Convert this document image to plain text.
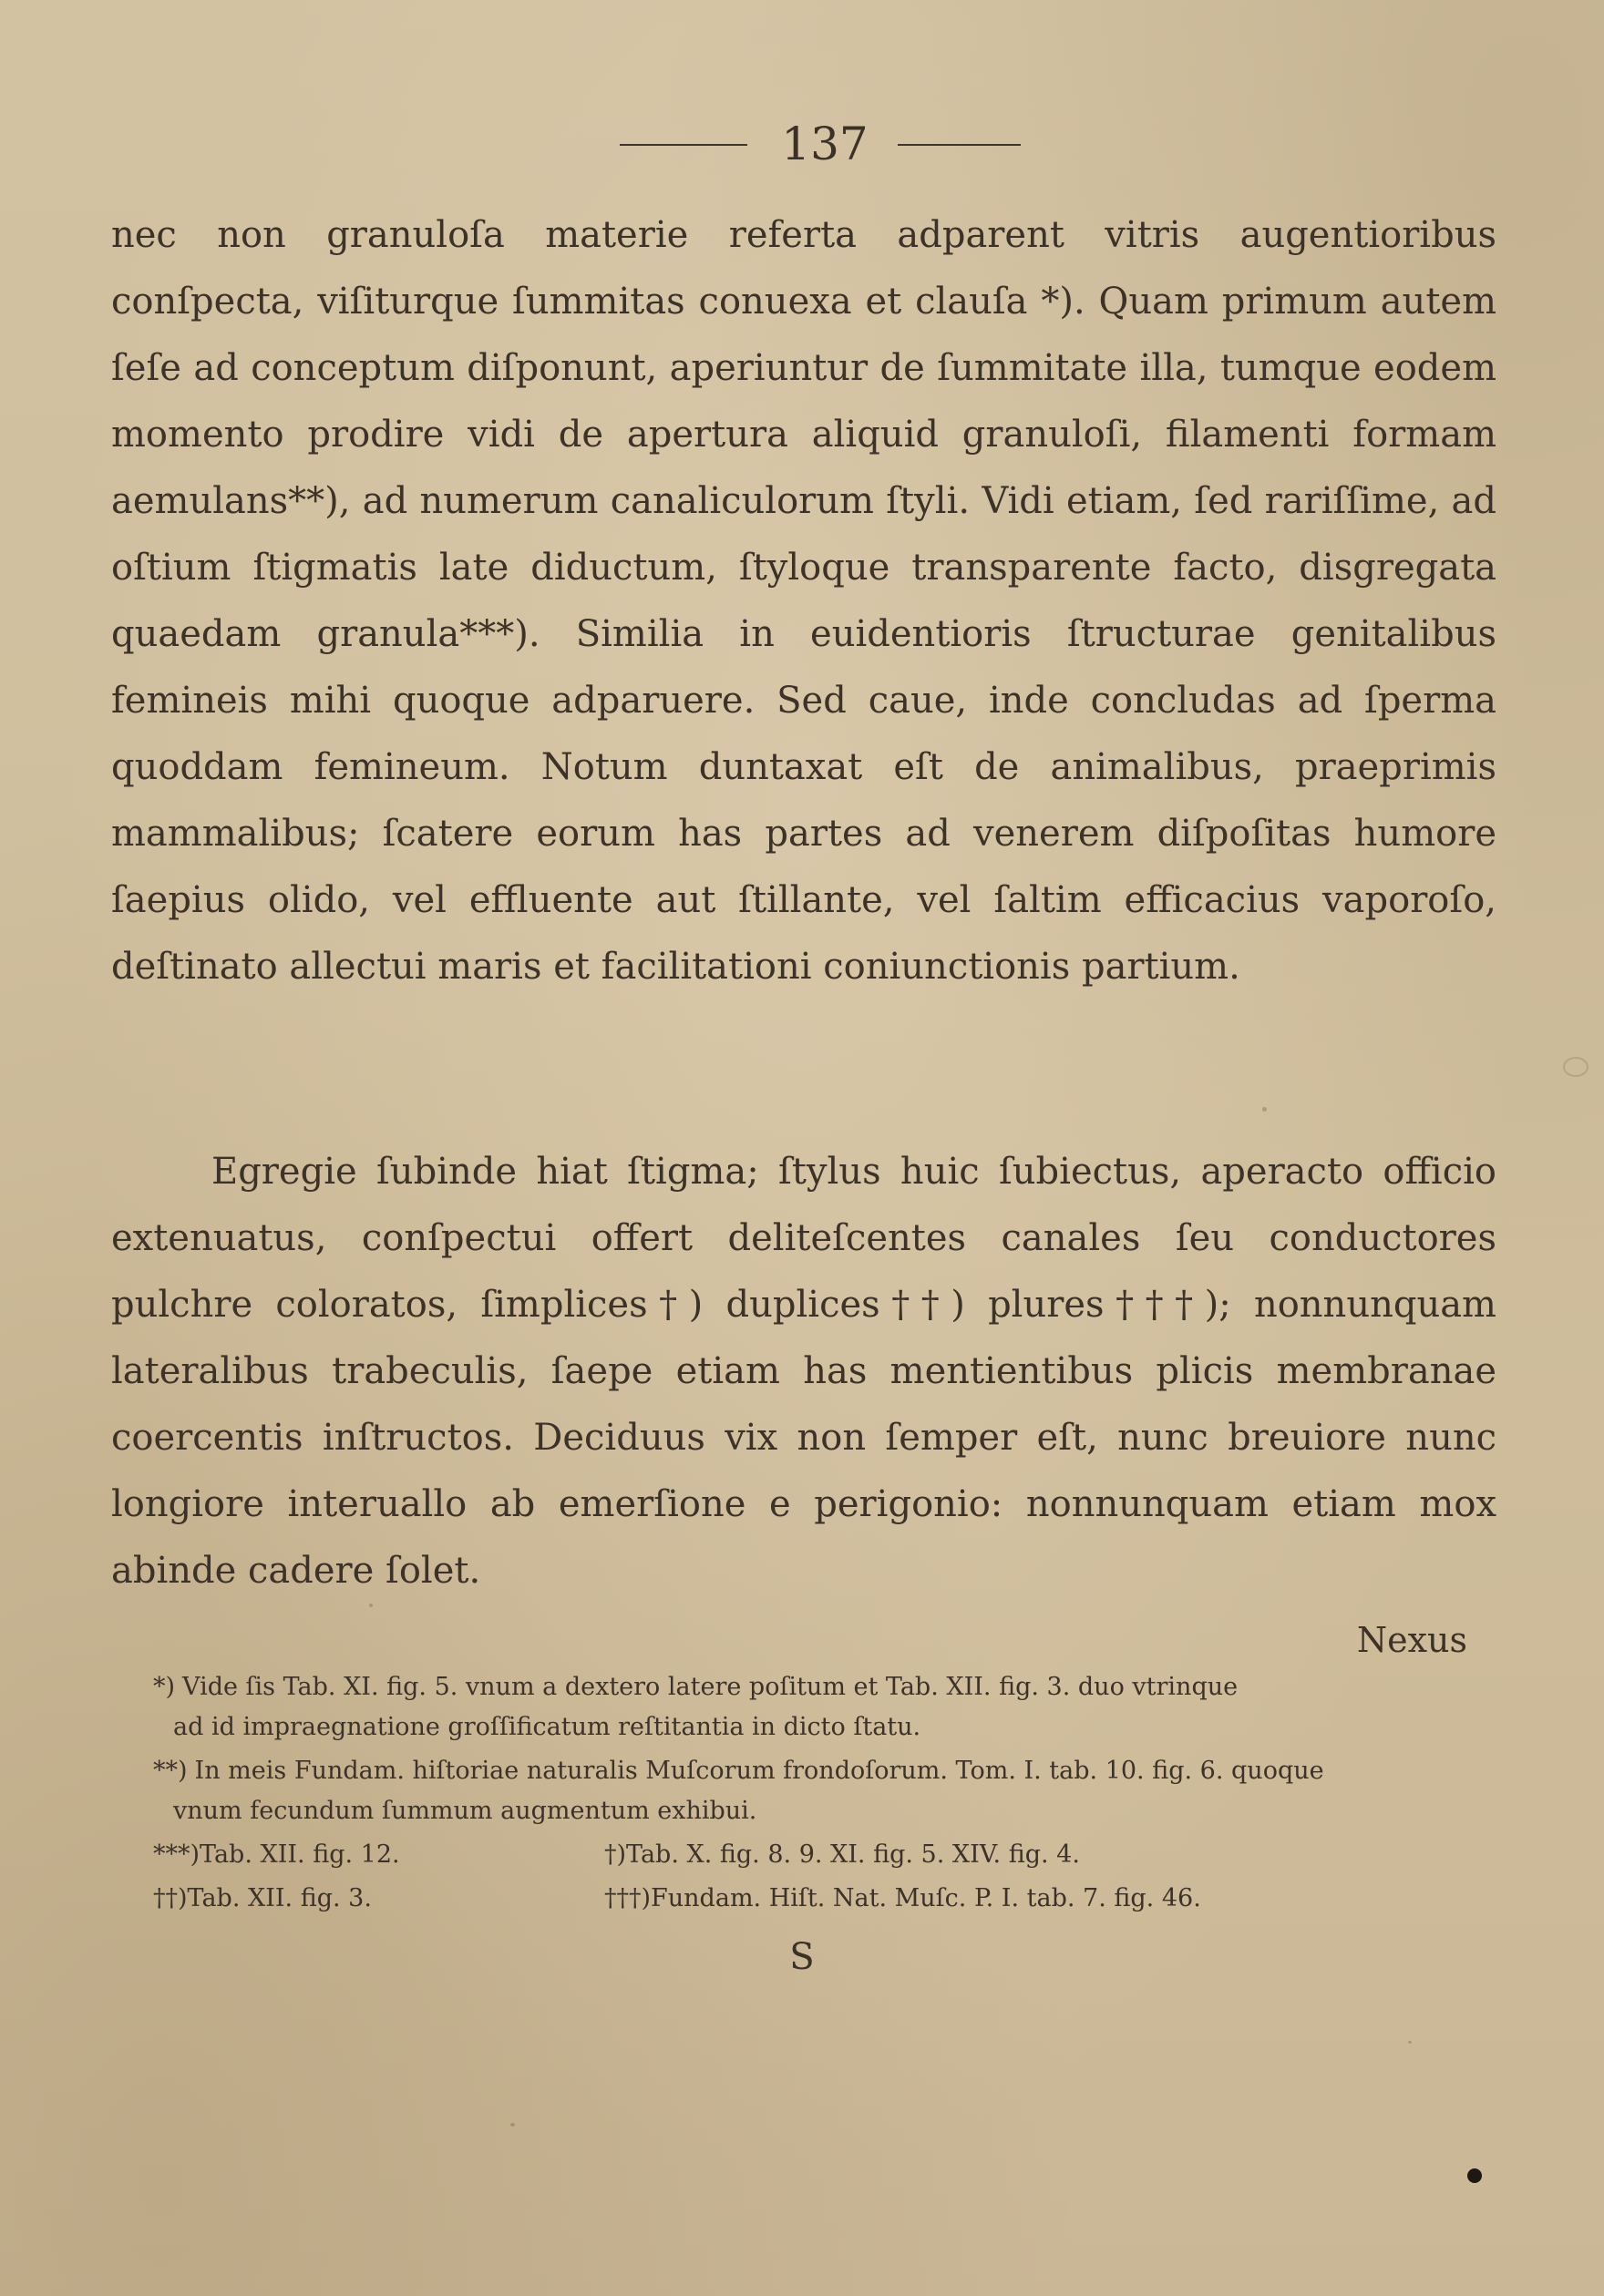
137

nec non granuloſa materie referta adparent vitris augentioribus conſpecta, viſiturque ſummitas conuexa et clauſa *). Quam primum autem ſeſe ad conceptum diſponunt, aperiuntur de ſummitate illa, tumque eodem momento prodire vidi de apertura aliquid granuloſi, filamenti formam aemulans**), ad numerum canaliculorum ſtyli. Vidi etiam, ſed rariſſime, ad oſtium ſtigmatis late diductum, ſtyloque transparente facto, disgregata quaedam granula***). Similia in euidentioris ſtructurae genitalibus femineis mihi quoque adparuere. Sed caue, inde concludas ad ſperma quoddam femineum. Notum duntaxat eſt de animalibus, praeprimis mammalibus; ſcatere eorum has partes ad venerem diſpoſitas humore ſaepius olido, vel effluente aut ſtillante, vel ſaltim efficacius vaporoſo, deſtinato allectui maris et facilitationi coniunctionis partium.

Egregie ſubinde hiat ſtigma; ſtylus huic ſubiectus, aperacto officio extenuatus, conſpectui offert deliteſcentes canales ſeu conductores pulchre coloratos, ſimplices†) duplices††) plures†††); nonnunquam lateralibus trabeculis, ſaepe etiam has mentientibus plicis membranae coercentis inſtructos. Deciduus vix non ſemper eſt, nunc breuiore nunc longiore interuallo ab emerſione e perigonio: nonnunquam etiam mox abinde cadere ſolet.

Nexus
*) Vide ſis Tab. XI. fig. 5. vnum a dextero latere poſitum et Tab. XII. fig. 3. duo vtrinque
ad id impraegnatione groſſificatum reſtitantia in dicto ſtatu.
**) In meis Fundam. hiſtoriae naturalis Muſcorum frondoſorum. Tom. I. tab. 10. fig. 6. quoque
vnum fecundum ſummum augmentum exhibui.
***)Tab. XII. fig. 12.	†)Tab. X. fig. 8. 9. XI. fig. 5. XIV. fig. 4.
††)Tab. XII. fig. 3.	†††)Fundam. Hiſt. Nat. Muſc. P. I. tab. 7. fig. 46.
S
